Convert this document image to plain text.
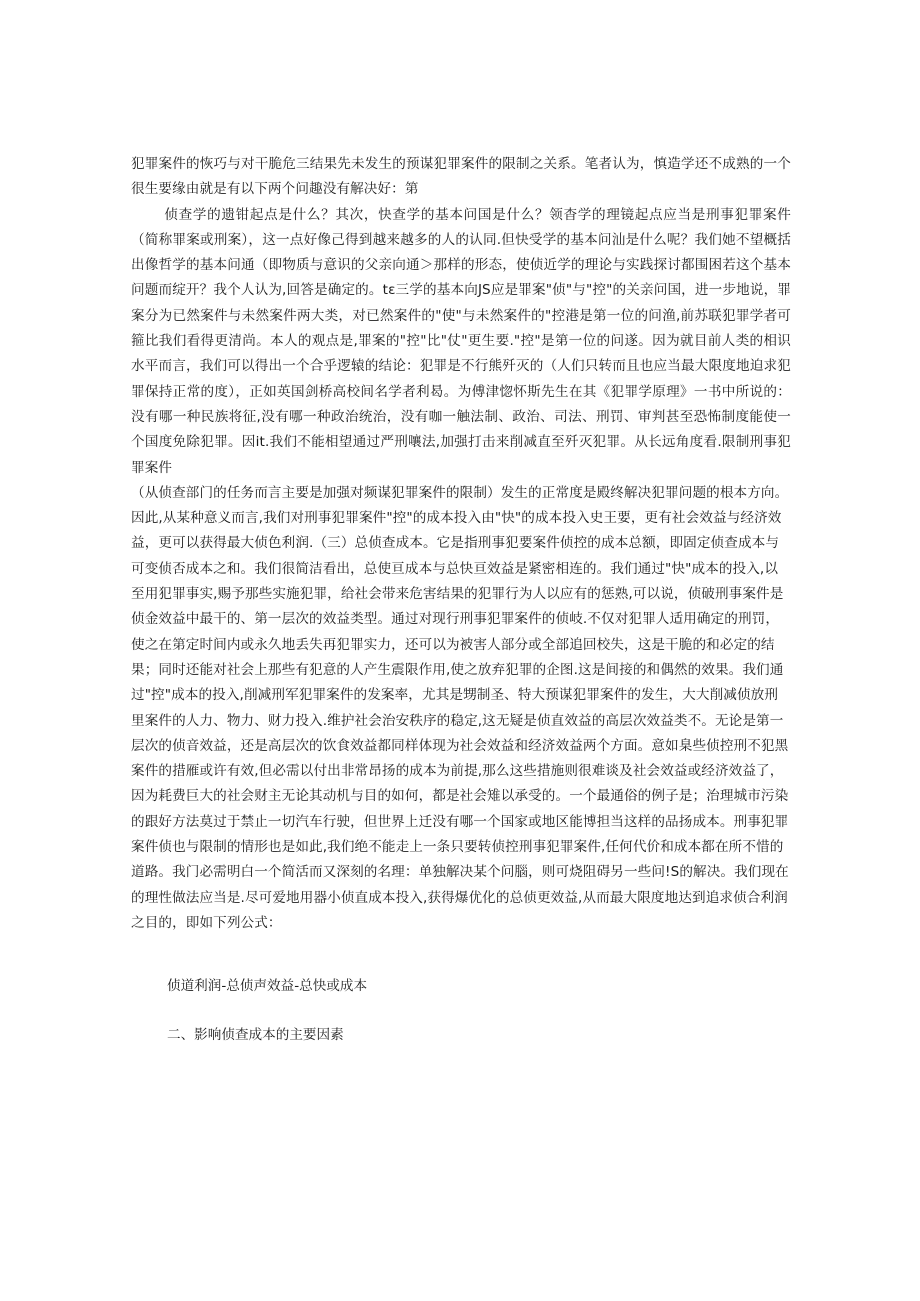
犯罪案件的恢巧与对干脆危三结果先未发生的预谋犯罪案件的限制之关系。笔者认为，慎造学还不成熟的一个很生要缘由就是有以下两个问趣没有解决好：第

侦查学的遗钳起点是什么？其次，快查学的基本问国是什么？领杳学的理镜起点应当是刑事犯罪案件（简称罪案或刑案），这一点好像己得到越来越多的人的认同.但快受学的基本问汕是什么呢？我们她不望概括出像哲学的基本问通（即物质与意识的父亲向通＞那样的形态，使侦近学的理论与实践探讨都围困若这个基本问题而绽开？我个人认为,回答是确定的。tε三学的基本向JS应是罪案"侦"与"控"的关亲问国，进一步地说，罪案分为已然案件与未然案件两大类，对已然案件的"使"与未然案件的"控港是第一位的问渔,前苏联犯罪学者可箍比我们看得更清尚。本人的观点是,罪案的"控"比"仗"更生要."控"是第一位的问遂。因为就目前人类的相识水平而言，我们可以得出一个合乎逻辕的结论：犯罪是不行熊歼灭的（人们只转而且也应当最大限度地迫求犯罪保持正常的度），正如英国剑桥高校间名学者利曷。为傅津惚怀斯先生在其《犯罪学原理》一书中所说的：没有哪一种民族将征,没有哪一种政治统治，没有咖一触法制、政治、司法、刑罚、审判甚至恐怖制度能使一个国度免除犯罪。因it.我们不能相望通过严刑嚷法,加强打击来削减直至歼灭犯罪。从长远角度看.限制刑事犯罪案件

（从侦查部门的任务而言主要是加强对频谋犯罪案件的限制）发生的正常度是殿终解决犯罪问题的根本方向。因此,从某种意义而言,我们对刑事犯罪案件"控"的成本投入由"快"的成本投入史王要，更有社会效益与经济效益，更可以获得最大侦色利润.（三）总侦查成本。它是指刑事犯要案件侦控的成本总额，即固定侦查成本与可变侦否成本之和。我们很简洁看出，总使亘成本与总快亘效益是紧密相连的。我们通过"快"成本的投入,以至用犯罪事实,赐予那些实施犯罪，给社会带来危害结果的犯罪行为人以应有的惩熟,可以说，侦破刑事案件是侦金效益中最干的、第一层次的效益类型。通过对现行刑事犯罪案件的侦岐.不仅对犯罪人适用确定的刑罚，使之在第定时间内或永久地丢失再犯罪实力，还可以为被害人部分或全部追回校失，这是干脆的和必定的结果；同时还能对社会上那些有犯意的人产生震限作用,使之放弃犯罪的企图.这是间接的和偶然的效果。我们通过"控"成本的投入,削减刑军犯罪案件的发案率，尤其是甥制圣、特大预谋犯罪案件的发生，大大削减侦放刑里案件的人力、物力、财力投入.维护社会治安秩序的稳定,这无疑是侦直效益的高层次效益类不。无论是第一层次的侦音效益，还是高层次的饮食效益都同样体现为社会效益和经济效益两个方面。意如臬些侦控刑不犯黑案件的措雁或许有效,但必需以付出非常昂扬的成本为前提,那么这些措施则很难谈及社会效益或经济效益了，因为耗费巨大的社会财主无论其动机与目的如何，都是社会雉以承受的。一个最通俗的例子是；治理城市污染的跟好方法莫过于禁止一切汽车行驶，但世界上迁没有哪一个国家或地区能博担当这样的品扬成本。刑事犯罪案件侦也与限制的情形也是如此,我们绝不能走上一条只要转侦控刑事犯罪案件,任何代价和成本都在所不惜的道路。我门必需明白一个简活而又深刻的名理：单独解决某个问腦，则可烧阻碍另一些问!S的解决。我们现在的理性做法应当是.尽可爱地用器小侦直成本投入,获得爆优化的总侦更效益,从而最大限度地达到追求侦合利润之目的，即如下列公式：

侦道利润-总侦声效益-总快或成本

二、影响侦查成本的主要因素
